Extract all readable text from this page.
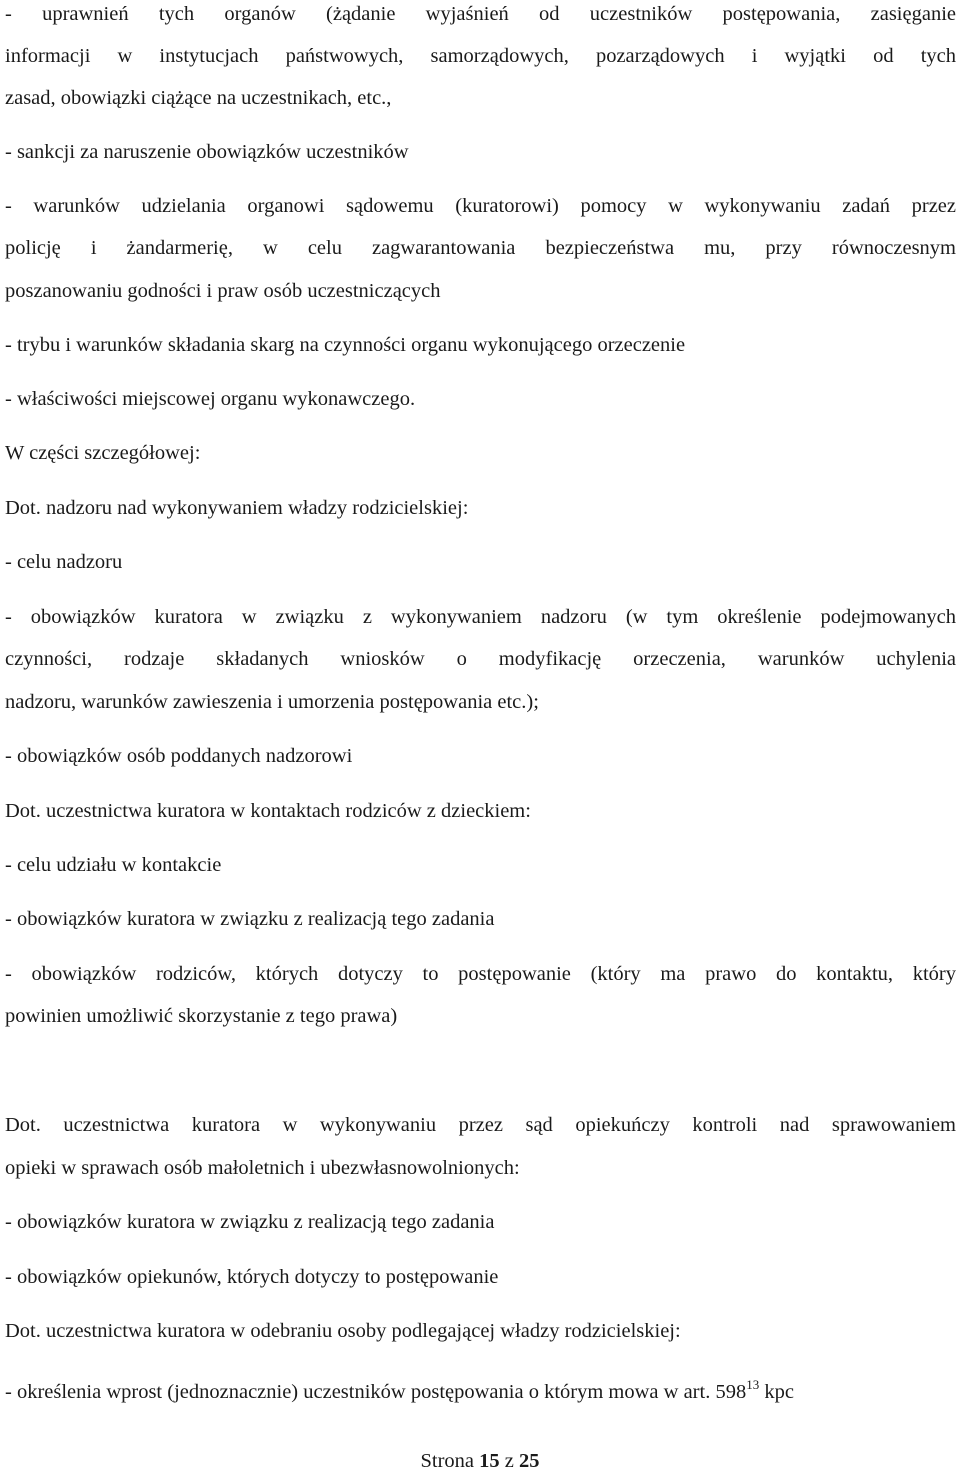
- uprawnień tych organów (żądanie wyjaśnień od uczestników postępowania, zasięganie
informacji w instytucjach państwowych, samorządowych, pozarządowych i wyjątki od tych
zasad, obowiązki ciążące na uczestnikach, etc.,
- sankcji za naruszenie obowiązków uczestników
- warunków udzielania organowi sądowemu (kuratorowi) pomocy w wykonywaniu zadań przez
policję i żandarmerię, w celu zagwarantowania bezpieczeństwa mu, przy równoczesnym
poszanowaniu godności i praw osób uczestniczących
- trybu i warunków składania skarg na czynności organu wykonującego orzeczenie
- właściwości miejscowej organu wykonawczego.
W części szczegółowej:
Dot. nadzoru nad wykonywaniem władzy rodzicielskiej:
- celu nadzoru
- obowiązków kuratora w związku z wykonywaniem nadzoru (w tym określenie podejmowanych
czynności, rodzaje składanych wniosków o modyfikację orzeczenia, warunków uchylenia
nadzoru, warunków zawieszenia i umorzenia postępowania etc.);
- obowiązków osób poddanych nadzorowi
Dot. uczestnictwa kuratora w kontaktach rodziców z dzieckiem:
- celu udziału w kontakcie
- obowiązków kuratora w związku z realizacją tego zadania
- obowiązków rodziców, których dotyczy to postępowanie (który ma prawo do kontaktu, który
powinien umożliwić skorzystanie z tego prawa)
Dot. uczestnictwa kuratora w wykonywaniu przez sąd opiekuńczy kontroli nad sprawowaniem
opieki w sprawach osób małoletnich i ubezwłasnowolnionych:
- obowiązków kuratora w związku z realizacją tego zadania
- obowiązków opiekunów, których dotyczy to postępowanie
Dot. uczestnictwa kuratora w odebraniu osoby podlegającej władzy rodzicielskiej:
- określenia wprost (jednoznacznie) uczestników postępowania o którym mowa w art. $598^{13}$ kpc
Strona 15 z 25
